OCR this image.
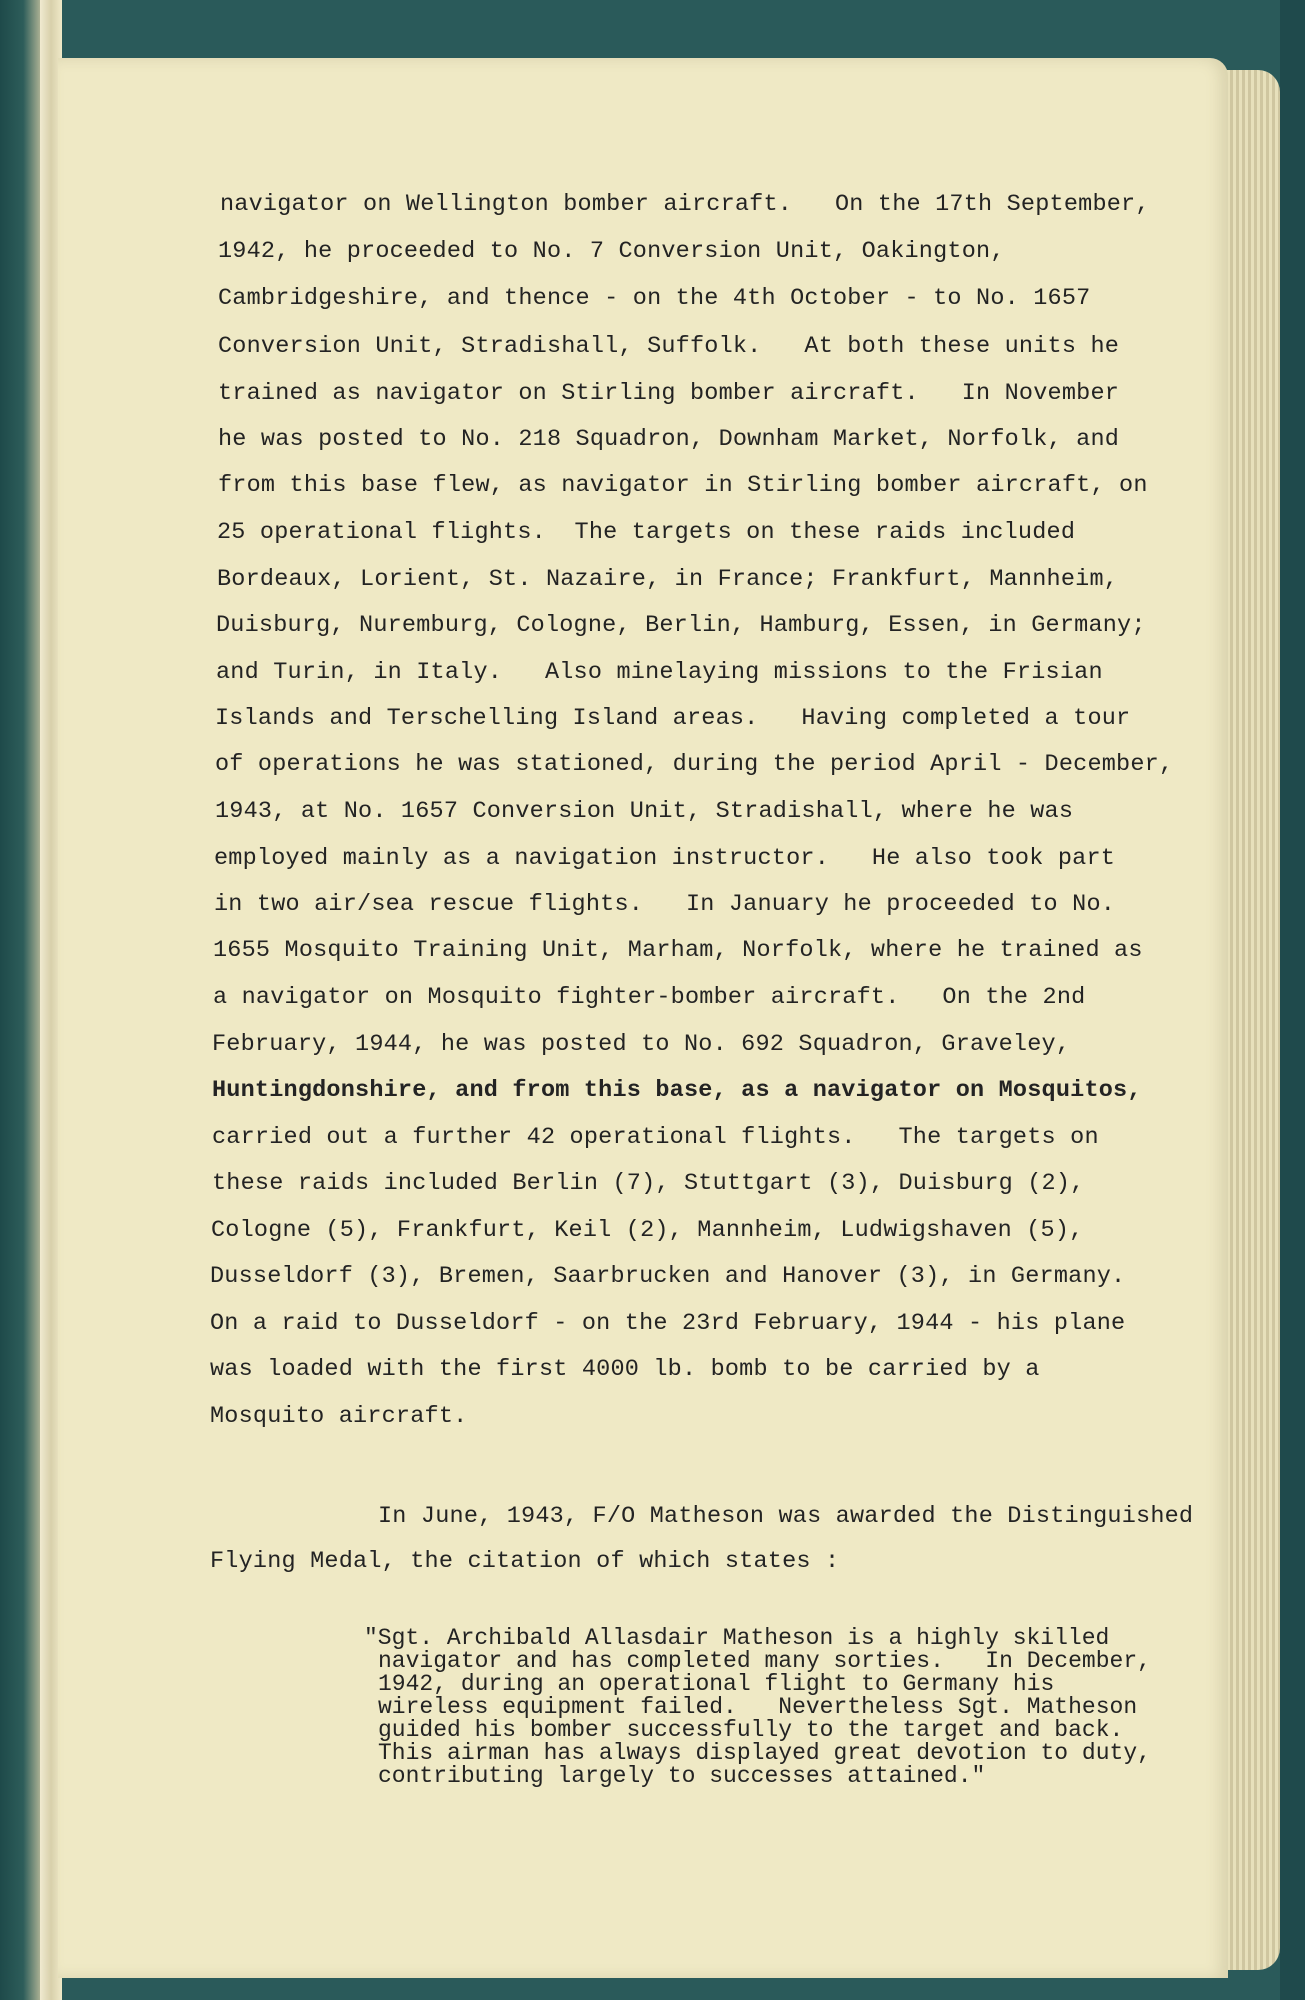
navigator on Wellington bomber aircraft.   On the 17th September,
1942, he proceeded to No. 7 Conversion Unit, Oakington,
Cambridgeshire, and thence - on the 4th October - to No. 1657
Conversion Unit, Stradishall, Suffolk.   At both these units he
trained as navigator on Stirling bomber aircraft.   In November
he was posted to No. 218 Squadron, Downham Market, Norfolk, and
from this base flew, as navigator in Stirling bomber aircraft, on
25 operational flights.  The targets on these raids included
Bordeaux, Lorient, St. Nazaire, in France; Frankfurt, Mannheim,
Duisburg, Nuremburg, Cologne, Berlin, Hamburg, Essen, in Germany;
and Turin, in Italy.   Also minelaying missions to the Frisian
Islands and Terschelling Island areas.   Having completed a tour
of operations he was stationed, during the period April - December,
1943, at No. 1657 Conversion Unit, Stradishall, where he was
employed mainly as a navigation instructor.   He also took part
in two air/sea rescue flights.   In January he proceeded to No.
1655 Mosquito Training Unit, Marham, Norfolk, where he trained as
a navigator on Mosquito fighter-bomber aircraft.   On the 2nd
February, 1944, he was posted to No. 692 Squadron, Graveley,
Huntingdonshire, and from this base, as a navigator on Mosquitos,
carried out a further 42 operational flights.   The targets on
these raids included Berlin (7), Stuttgart (3), Duisburg (2),
Cologne (5), Frankfurt, Keil (2), Mannheim, Ludwigshaven (5),
Dusseldorf (3), Bremen, Saarbrucken and Hanover (3), in Germany.
On a raid to Dusseldorf - on the 23rd February, 1944 - his plane
was loaded with the first 4000 lb. bomb to be carried by a
Mosquito aircraft.
In June, 1943, F/O Matheson was awarded the Distinguished
Flying Medal, the citation of which states :
"Sgt. Archibald Allasdair Matheson is a highly skilled
navigator and has completed many sorties.   In December,
1942, during an operational flight to Germany his
wireless equipment failed.   Nevertheless Sgt. Matheson
guided his bomber successfully to the target and back.
This airman has always displayed great devotion to duty,
contributing largely to successes attained."
